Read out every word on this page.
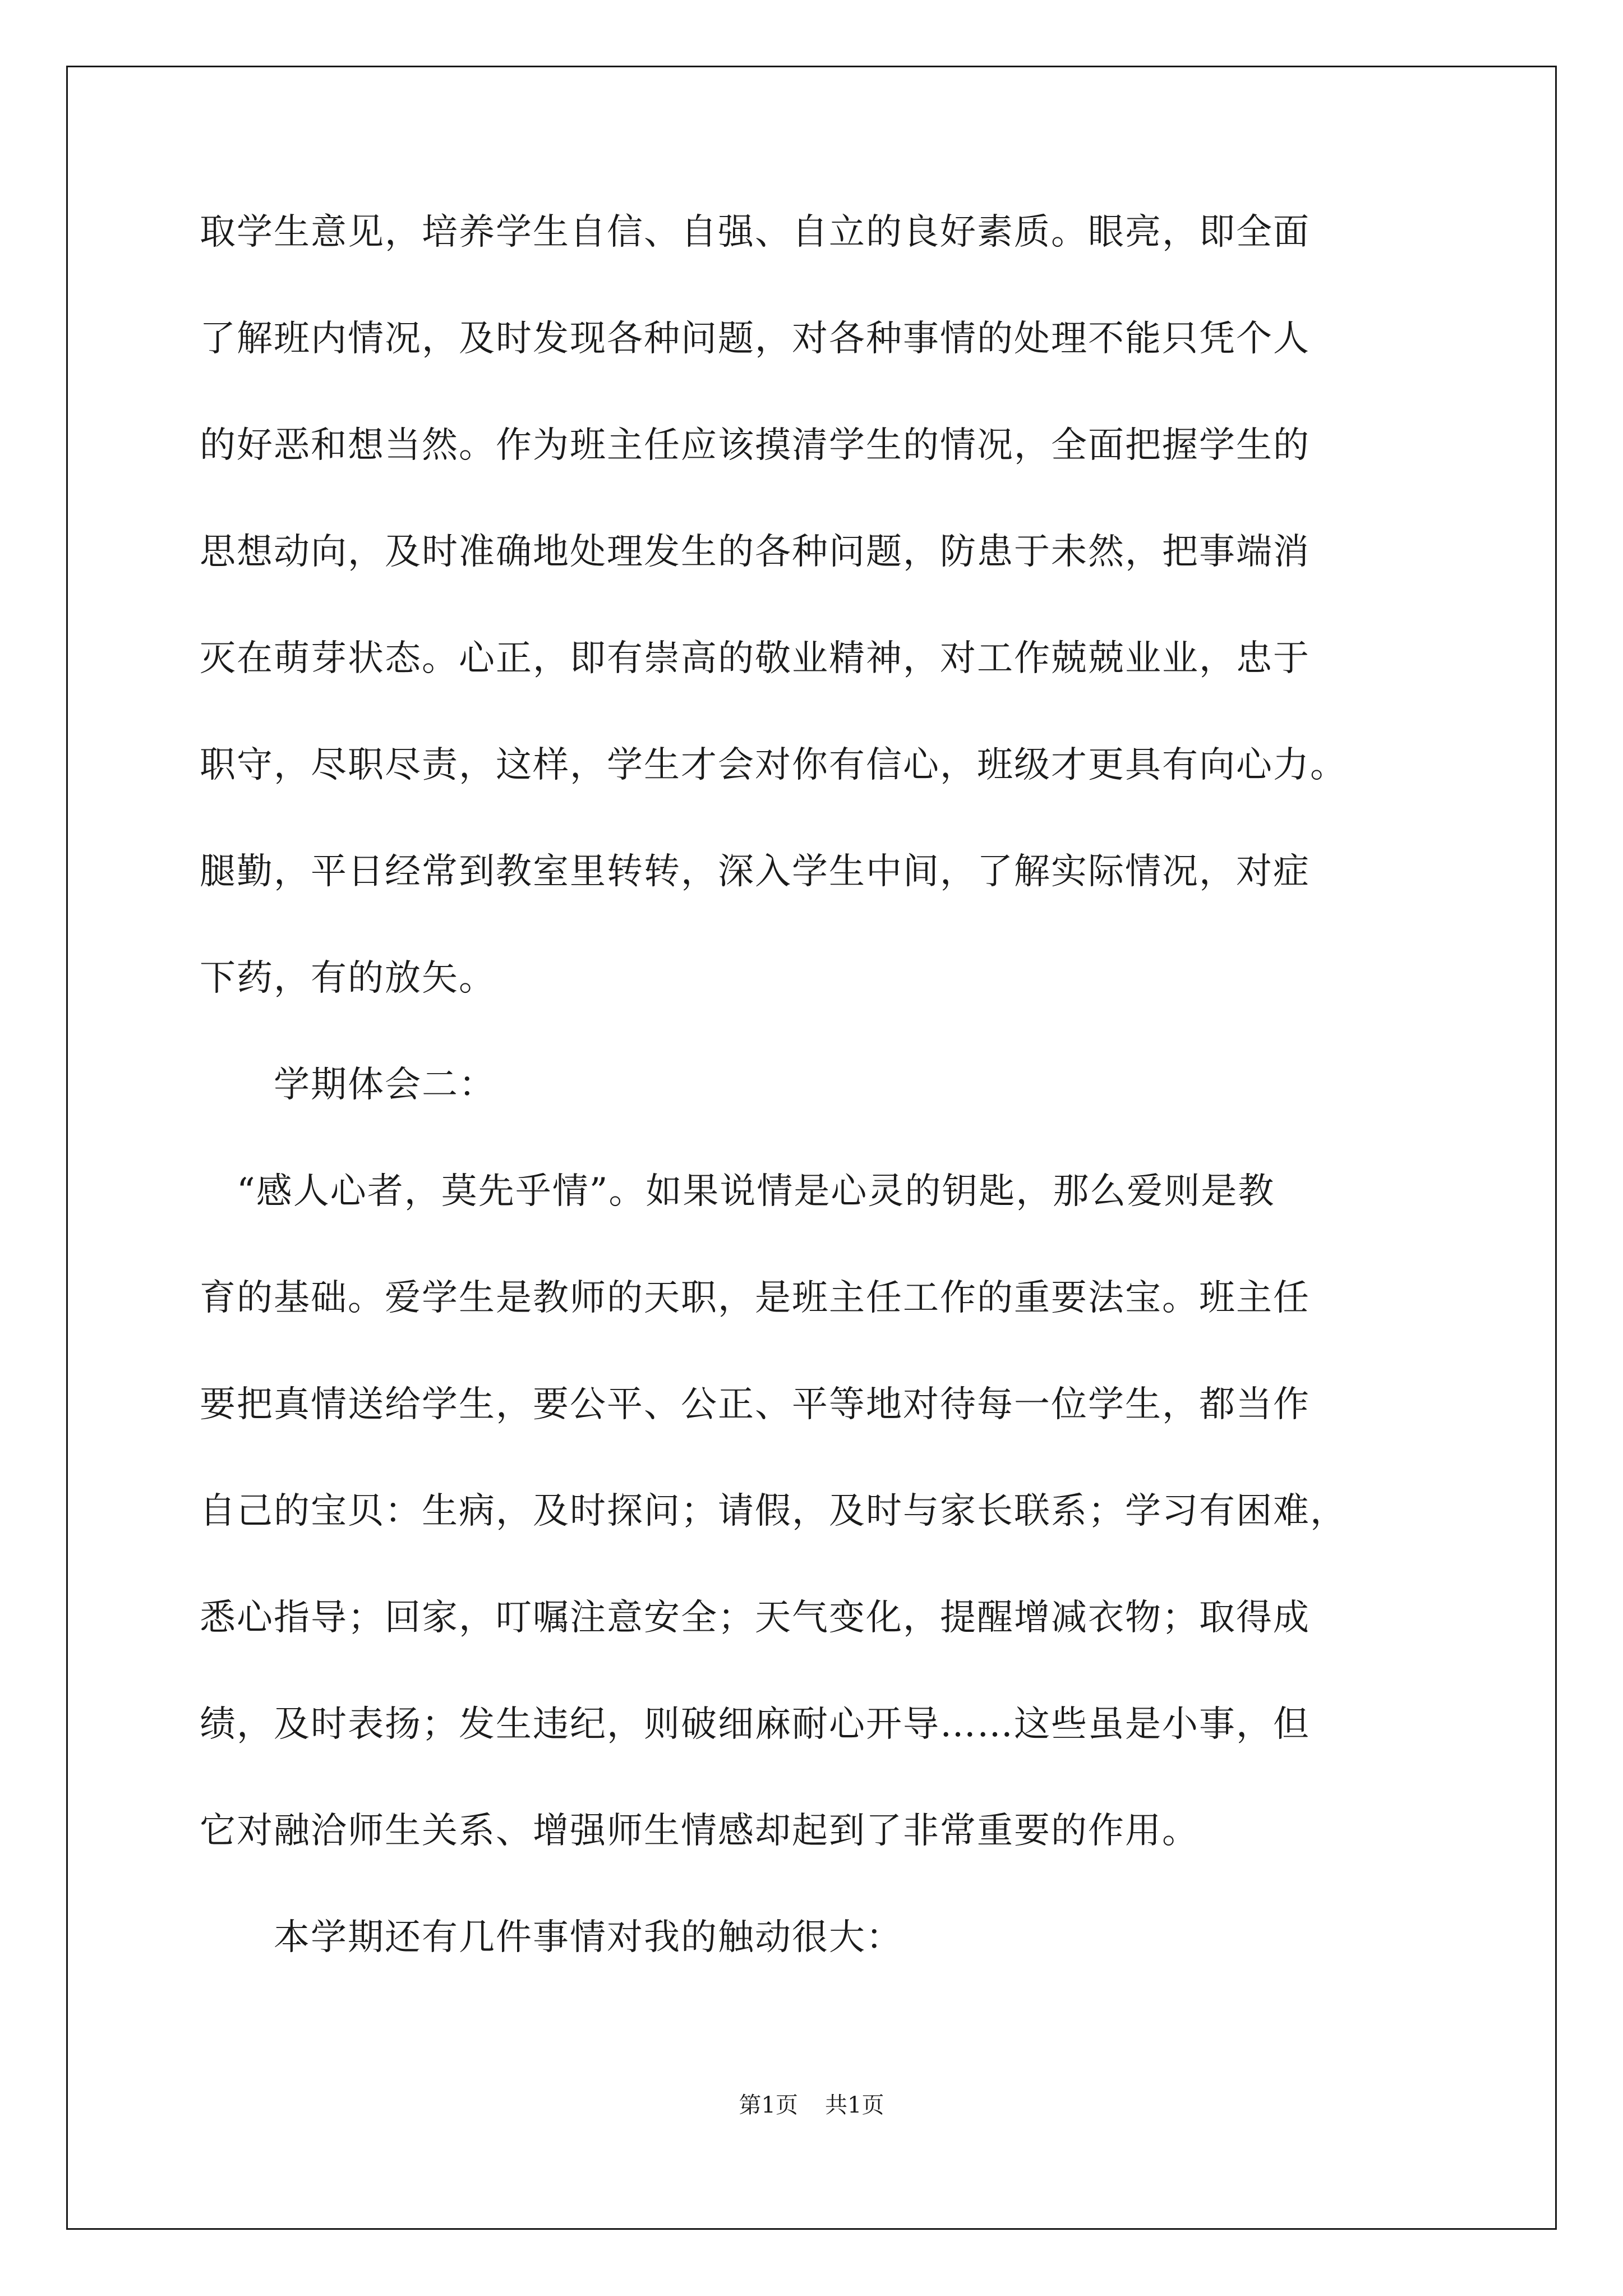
取学生意见，培养学生自信、自强、自立的良好素质。眼亮，即全面
了解班内情况，及时发现各种问题，对各种事情的处理不能只凭个人
的好恶和想当然。作为班主任应该摸清学生的情况，全面把握学生的
思想动向，及时准确地处理发生的各种问题，防患于未然，把事端消
灭在萌芽状态。心正，即有崇高的敬业精神，对工作兢兢业业，忠于
职守，尽职尽责，这样，学生才会对你有信心，班级才更具有向心力。
腿勤，平日经常到教室里转转，深入学生中间，了解实际情况，对症
下药，有的放矢。
　　学期体会二：
　“感人心者，莫先乎情”。如果说情是心灵的钥匙，那么爱则是教
育的基础。爱学生是教师的天职，是班主任工作的重要法宝。班主任
要把真情送给学生，要公平、公正、平等地对待每一位学生，都当作
自己的宝贝：生病，及时探问；请假，及时与家长联系；学习有困难，
悉心指导；回家，叮嘱注意安全；天气变化，提醒增减衣物；取得成
绩，及时表扬；发生违纪，则破细麻耐心开导……这些虽是小事，但
它对融洽师生关系、增强师生情感却起到了非常重要的作用。
　　本学期还有几件事情对我的触动很大：
第1页 共1页
